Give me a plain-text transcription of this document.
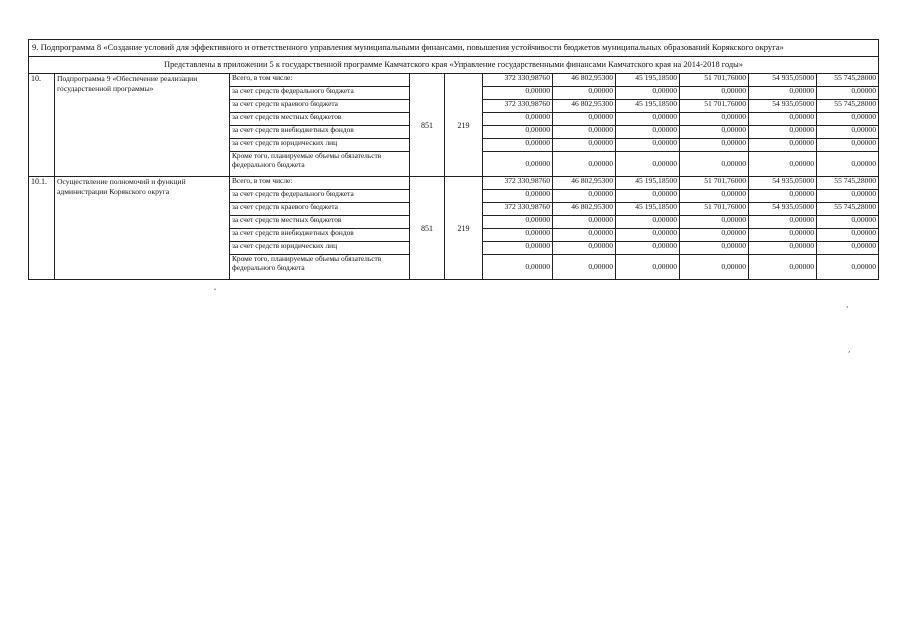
9. Подпрограмма 8 «Создание условий для эффективного и ответственного управления муниципальными финансами, повышения устойчивости бюджетов муниципальных образований Корякского округа»										
Представлены в приложении 5 к государственной программе Камчатского края «Управление государственными финансами Камчатского края на 2014-2018 годы»										
10.	Подпрограмма 9 «Обеспечение реализации государственной программы»	Всего, в том числе:	851	219	372 330,98760	46 802,95300	45 195,18500	51 701,76000	54 935,05000	55 745,28000
		за счет средств федерального бюджета			0,00000	0,00000	0,00000	0,00000	0,00000	0,00000
		за счет средств краевого бюджета			372 330,98760	46 802,95300	45 195,18500	51 701,76000	54 935,05000	55 745,28000
		за счет средств местных бюджетов			0,00000	0,00000	0,00000	0,00000	0,00000	0,00000
		за счет средств внебюджетных фондов			0,00000	0,00000	0,00000	0,00000	0,00000	0,00000
		за счет средств юридических лиц			0,00000	0,00000	0,00000	0,00000	0,00000	0,00000
		Кроме того, планируемые объемы обязательств федерального бюджета			0,00000	0,00000	0,00000	0,00000	0,00000	0,00000
10.1.	Осуществление полномочий и функций администрации Корякского округа	Всего, в том числе:	851	219	372 330,98760	46 802,95300	45 195,18500	51 701,76000	54 935,05000	55 745,28000
		за счет средств федерального бюджета			0,00000	0,00000	0,00000	0,00000	0,00000	0,00000
		за счет средств краевого бюджета			372 330,98760	46 802,95300	45 195,18500	51 701,76000	54 935,05000	55 745,28000
		за счет средств местных бюджетов			0,00000	0,00000	0,00000	0,00000	0,00000	0,00000
		за счет средств внебюджетных фондов			0,00000	0,00000	0,00000	0,00000	0,00000	0,00000
		за счет средств юридических лиц			0,00000	0,00000	0,00000	0,00000	0,00000	0,00000
		Кроме того, планируемые объемы обязательств федерального бюджета			0,00000	0,00000	0,00000	0,00000	0,00000	0,00000
,
,
ˇ
